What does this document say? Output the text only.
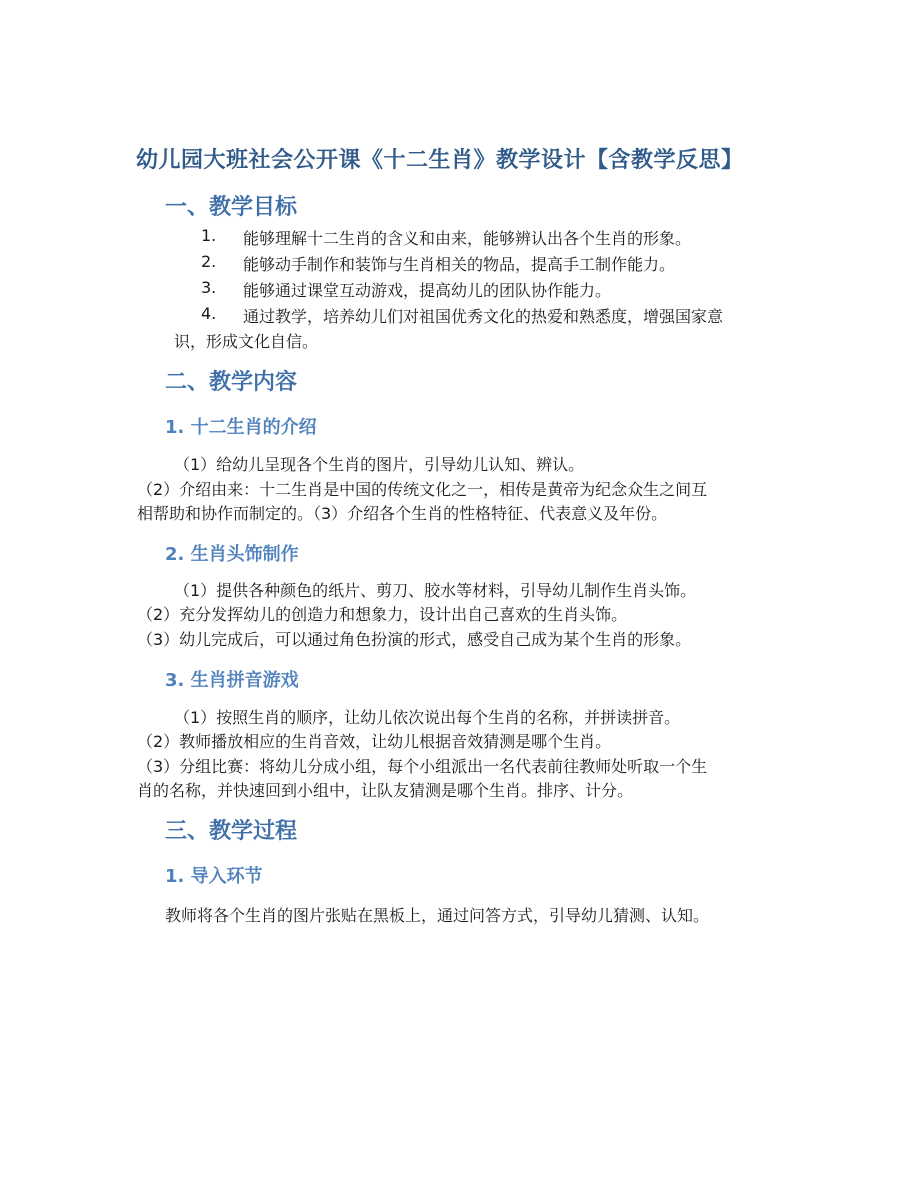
幼儿园大班社会公开课《十二生肖》教学设计【含教学反思】
一、教学目标
1. 能够理解十二生肖的含义和由来，能够辨认出各个生肖的形象。
2. 能够动手制作和装饰与生肖相关的物品，提高手工制作能力。
3. 能够通过课堂互动游戏，提高幼儿的团队协作能力。
4. 通过教学，培养幼儿们对祖国优秀文化的热爱和熟悉度，增强国家意
识，形成文化自信。
二、教学内容
1. 十二生肖的介绍
（1）给幼儿呈现各个生肖的图片，引导幼儿认知、辨认。
（2）介绍由来：十二生肖是中国的传统文化之一，相传是黄帝为纪念众生之间互
相帮助和协作而制定的。（3）介绍各个生肖的性格特征、代表意义及年份。
2. 生肖头饰制作
（1）提供各种颜色的纸片、剪刀、胶水等材料，引导幼儿制作生肖头饰。
（2）充分发挥幼儿的创造力和想象力，设计出自己喜欢的生肖头饰。
（3）幼儿完成后，可以通过角色扮演的形式，感受自己成为某个生肖的形象。
3. 生肖拼音游戏
（1）按照生肖的顺序，让幼儿依次说出每个生肖的名称，并拼读拼音。
（2）教师播放相应的生肖音效，让幼儿根据音效猜测是哪个生肖。
（3）分组比赛：将幼儿分成小组，每个小组派出一名代表前往教师处听取一个生
肖的名称，并快速回到小组中，让队友猜测是哪个生肖。排序、计分。
三、教学过程
1. 导入环节
教师将各个生肖的图片张贴在黑板上，通过问答方式，引导幼儿猜测、认知。
